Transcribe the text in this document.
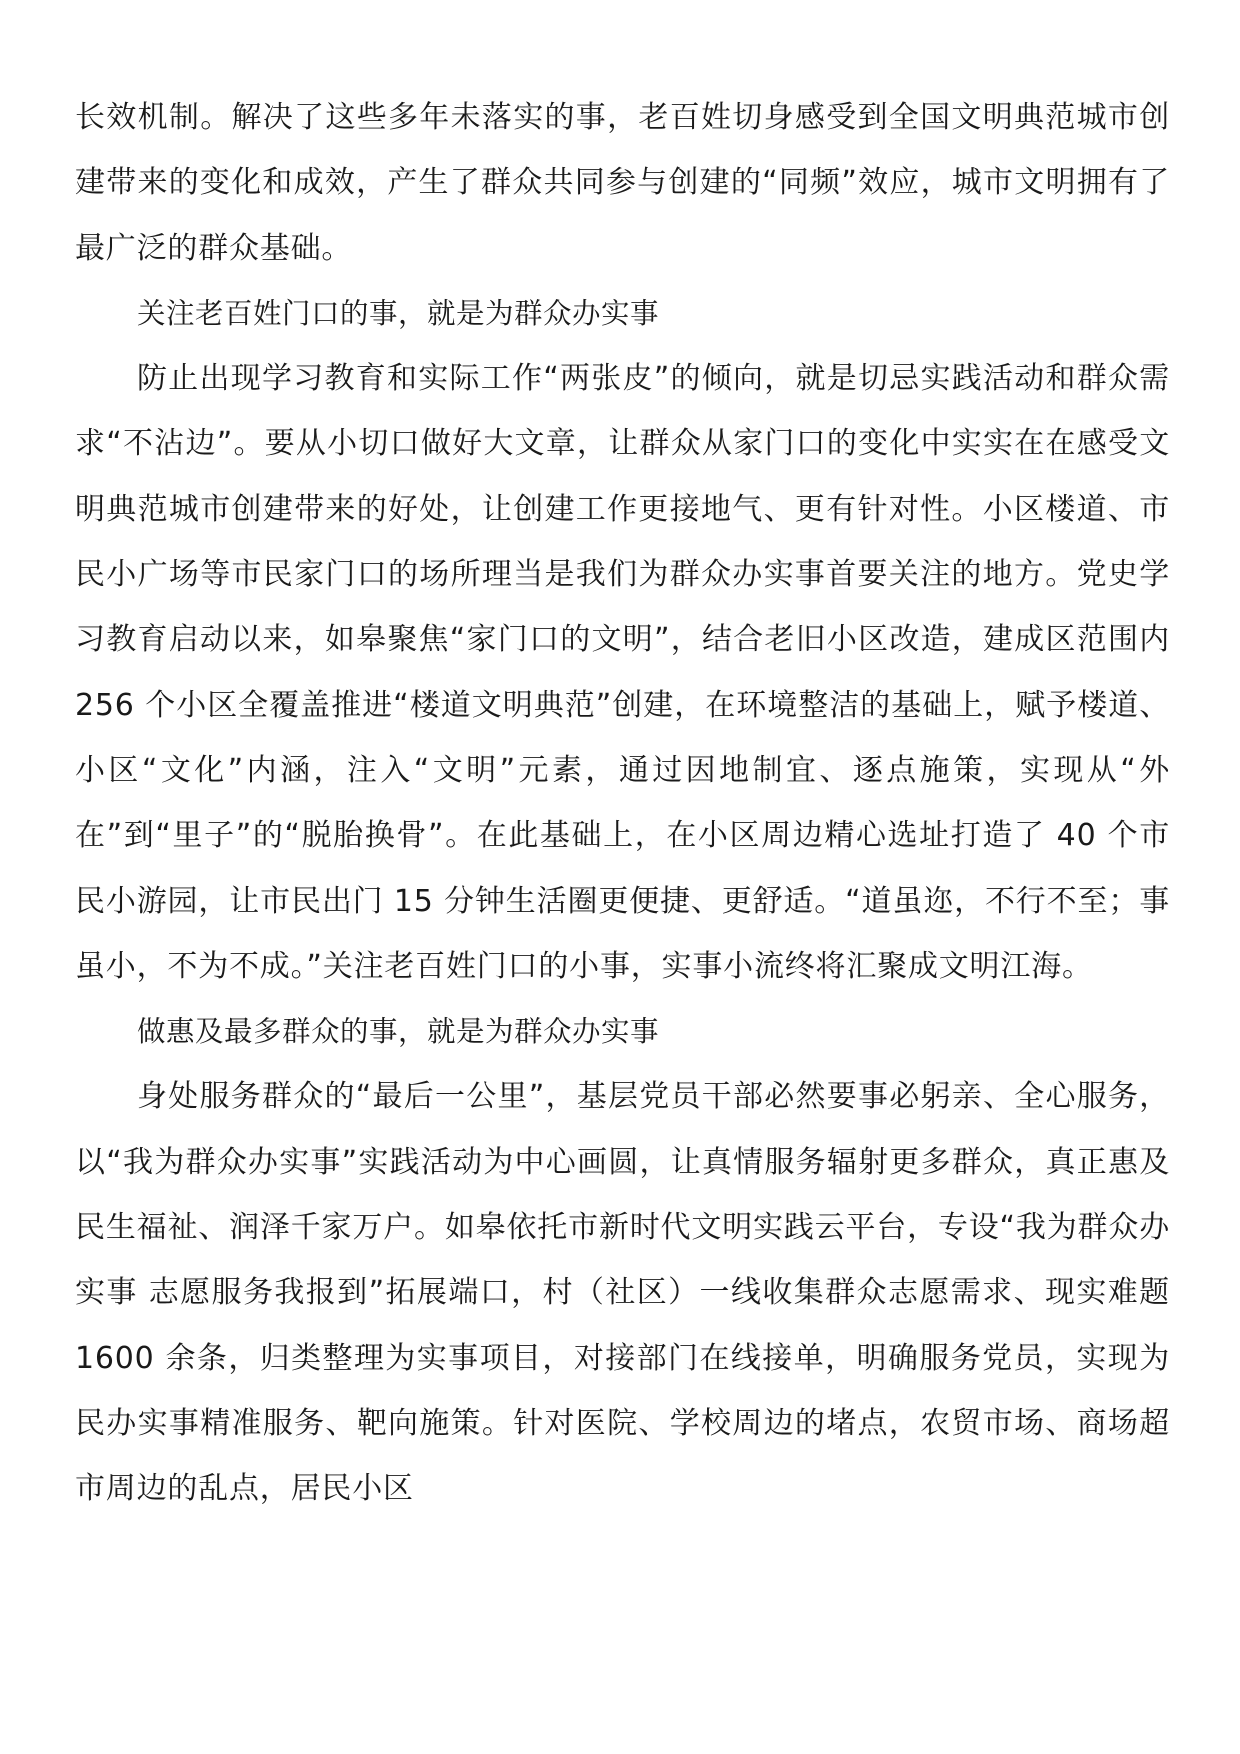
长效机制。解决了这些多年未落实的事，老百姓切身感受到全国文明典范城市创建带来的变化和成效，产生了群众共同参与创建的“同频”效应，城市文明拥有了最广泛的群众基础。

关注老百姓门口的事，就是为群众办实事

防止出现学习教育和实际工作“两张皮”的倾向，就是切忌实践活动和群众需求“不沾边”。要从小切口做好大文章，让群众从家门口的变化中实实在在感受文明典范城市创建带来的好处，让创建工作更接地气、更有针对性。小区楼道、市民小广场等市民家门口的场所理当是我们为群众办实事首要关注的地方。党史学习教育启动以来，如皋聚焦“家门口的文明”，结合老旧小区改造，建成区范围内 256 个小区全覆盖推进“楼道文明典范”创建，在环境整洁的基础上，赋予楼道、小区“文化”内涵，注入“文明”元素，通过因地制宜、逐点施策，实现从“外在”到“里子”的“脱胎换骨”。在此基础上，在小区周边精心选址打造了 40 个市民小游园，让市民出门 15 分钟生活圈更便捷、更舒适。“道虽迩，不行不至；事虽小，不为不成。”关注老百姓门口的小事，实事小流终将汇聚成文明江海。

做惠及最多群众的事，就是为群众办实事

身处服务群众的“最后一公里”，基层党员干部必然要事必躬亲、全心服务，以“我为群众办实事”实践活动为中心画圆，让真情服务辐射更多群众，真正惠及民生福祉、润泽千家万户。如皋依托市新时代文明实践云平台，专设“我为群众办实事 志愿服务我报到”拓展端口，村（社区）一线收集群众志愿需求、现实难题 1600 余条，归类整理为实事项目，对接部门在线接单，明确服务党员，实现为民办实事精准服务、靶向施策。针对医院、学校周边的堵点，农贸市场、商场超市周边的乱点，居民小区
